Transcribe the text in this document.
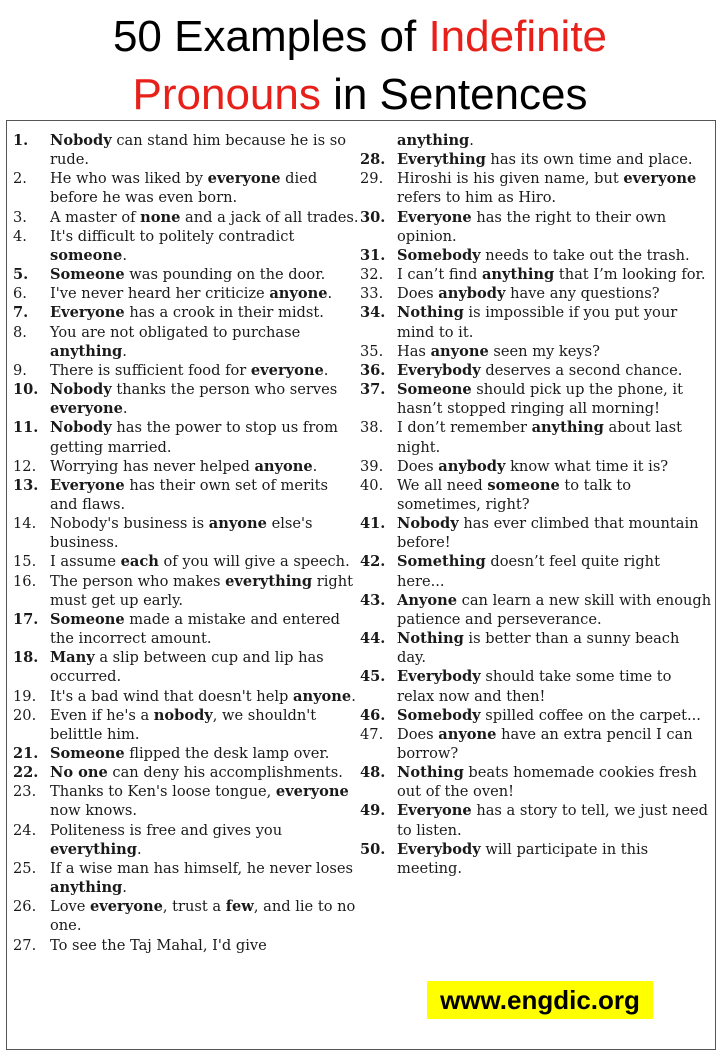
50 Examples of Indefinite
Pronouns in Sentences
1.	Nobody can stand him because he is so rude.
2.	He who was liked by everyone died before he was even born.
3.	A master of none and a jack of all trades.
4.	It's difficult to politely contradict someone.
5.	Someone was pounding on the door.
6.	I've never heard her criticize anyone.
7.	Everyone has a crook in their midst.
8.	You are not obligated to purchase anything.
9.	There is sufficient food for everyone.
10. Nobody thanks the person who serves everyone.
11. Nobody has the power to stop us from getting married.
12. Worrying has never helped anyone.
13. Everyone has their own set of merits and flaws.
14. Nobody's business is anyone else's business.
15. I assume each of you will give a speech.
16. The person who makes everything right must get up early.
17. Someone made a mistake and entered the incorrect amount.
18. Many a slip between cup and lip has occurred.
19. It's a bad wind that doesn't help anyone.
20. Even if he's a nobody, we shouldn't belittle him.
21. Someone flipped the desk lamp over.
22. No one can deny his accomplishments.
23. Thanks to Ken's loose tongue, everyone now knows.
24. Politeness is free and gives you everything.
25. If a wise man has himself, he never loses anything.
26. Love everyone, trust a few, and lie to no one.
27. To see the Taj Mahal, I'd give
anything.
28. Everything has its own time and place.
29. Hiroshi is his given name, but everyone refers to him as Hiro.
30. Everyone has the right to their own opinion.
31. Somebody needs to take out the trash.
32. I can’t find anything that I’m looking for.
33. Does anybody have any questions?
34. Nothing is impossible if you put your mind to it.
35. Has anyone seen my keys?
36. Everybody deserves a second chance.
37. Someone should pick up the phone, it hasn’t stopped ringing all morning!
38. I don’t remember anything about last night.
39. Does anybody know what time it is?
40. We all need someone to talk to sometimes, right?
41. Nobody has ever climbed that mountain before!
42. Something doesn’t feel quite right here...
43. Anyone can learn a new skill with enough patience and perseverance.
44. Nothing is better than a sunny beach day.
45. Everybody should take some time to relax now and then!
46. Somebody spilled coffee on the carpet...
47. Does anyone have an extra pencil I can borrow?
48. Nothing beats homemade cookies fresh out of the oven!
49. Everyone has a story to tell, we just need to listen.
50. Everybody will participate in this meeting.
www.engdic.org
